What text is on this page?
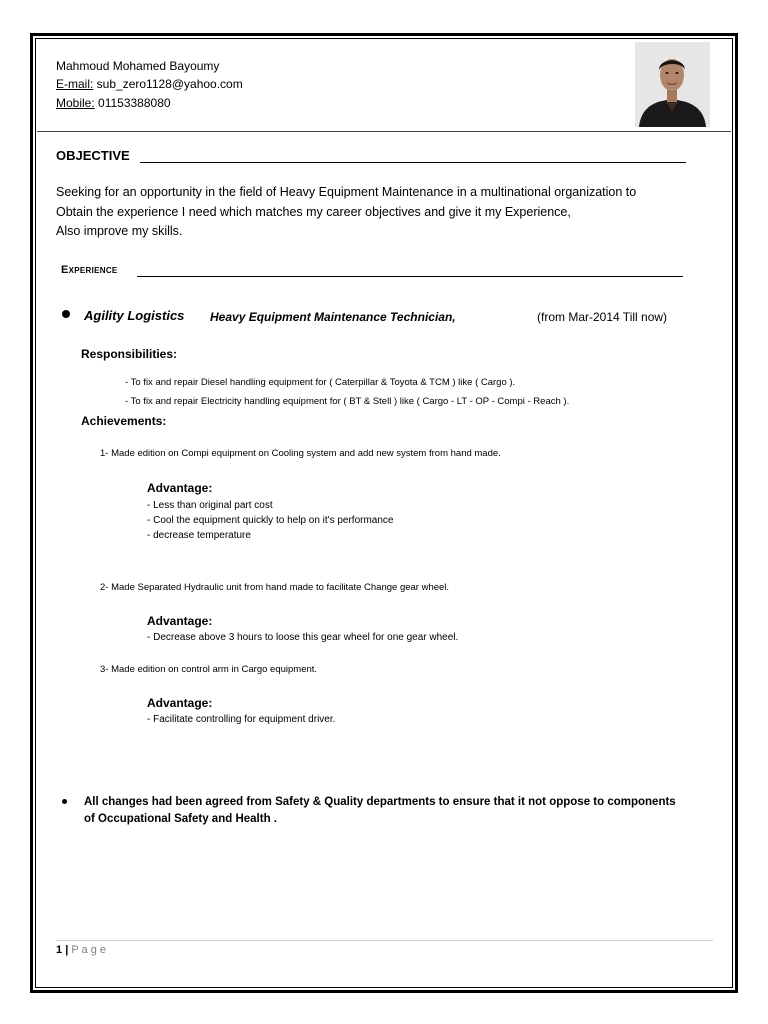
Mahmoud Mohamed Bayoumy
E-mail: sub_zero1128@yahoo.com
Mobile: 01153388080
OBJECTIVE
Seeking for an opportunity in the field of Heavy Equipment Maintenance in a multinational organization to
Obtain the experience I need which matches my career objectives and give it my Experience,
Also improve my skills.
Experience
Agility Logistics Heavy Equipment Maintenance Technician,	(from Mar-2014 Till now)
Responsibilities:
- To fix and repair Diesel handling equipment for ( Caterpillar & Toyota & TCM ) like ( Cargo ).
- To fix and repair Electricity handling equipment for ( BT & Stell ) like ( Cargo - LT - OP - Compi - Reach ).
Achievements:
1- Made edition on Compi equipment on Cooling system and add new system from hand made.
Advantage:
- Less than original part cost
- Cool the equipment quickly to help on it's performance
- decrease temperature
2- Made Separated Hydraulic unit from hand made to facilitate Change gear wheel.
Advantage:
- Decrease above 3 hours to loose this gear wheel for one gear wheel.
3- Made edition on control arm in Cargo equipment.
Advantage:
- Facilitate controlling for equipment driver.
All changes had been agreed from Safety & Quality departments to ensure that it not oppose to components
of Occupational Safety and Health .
1 | Page
